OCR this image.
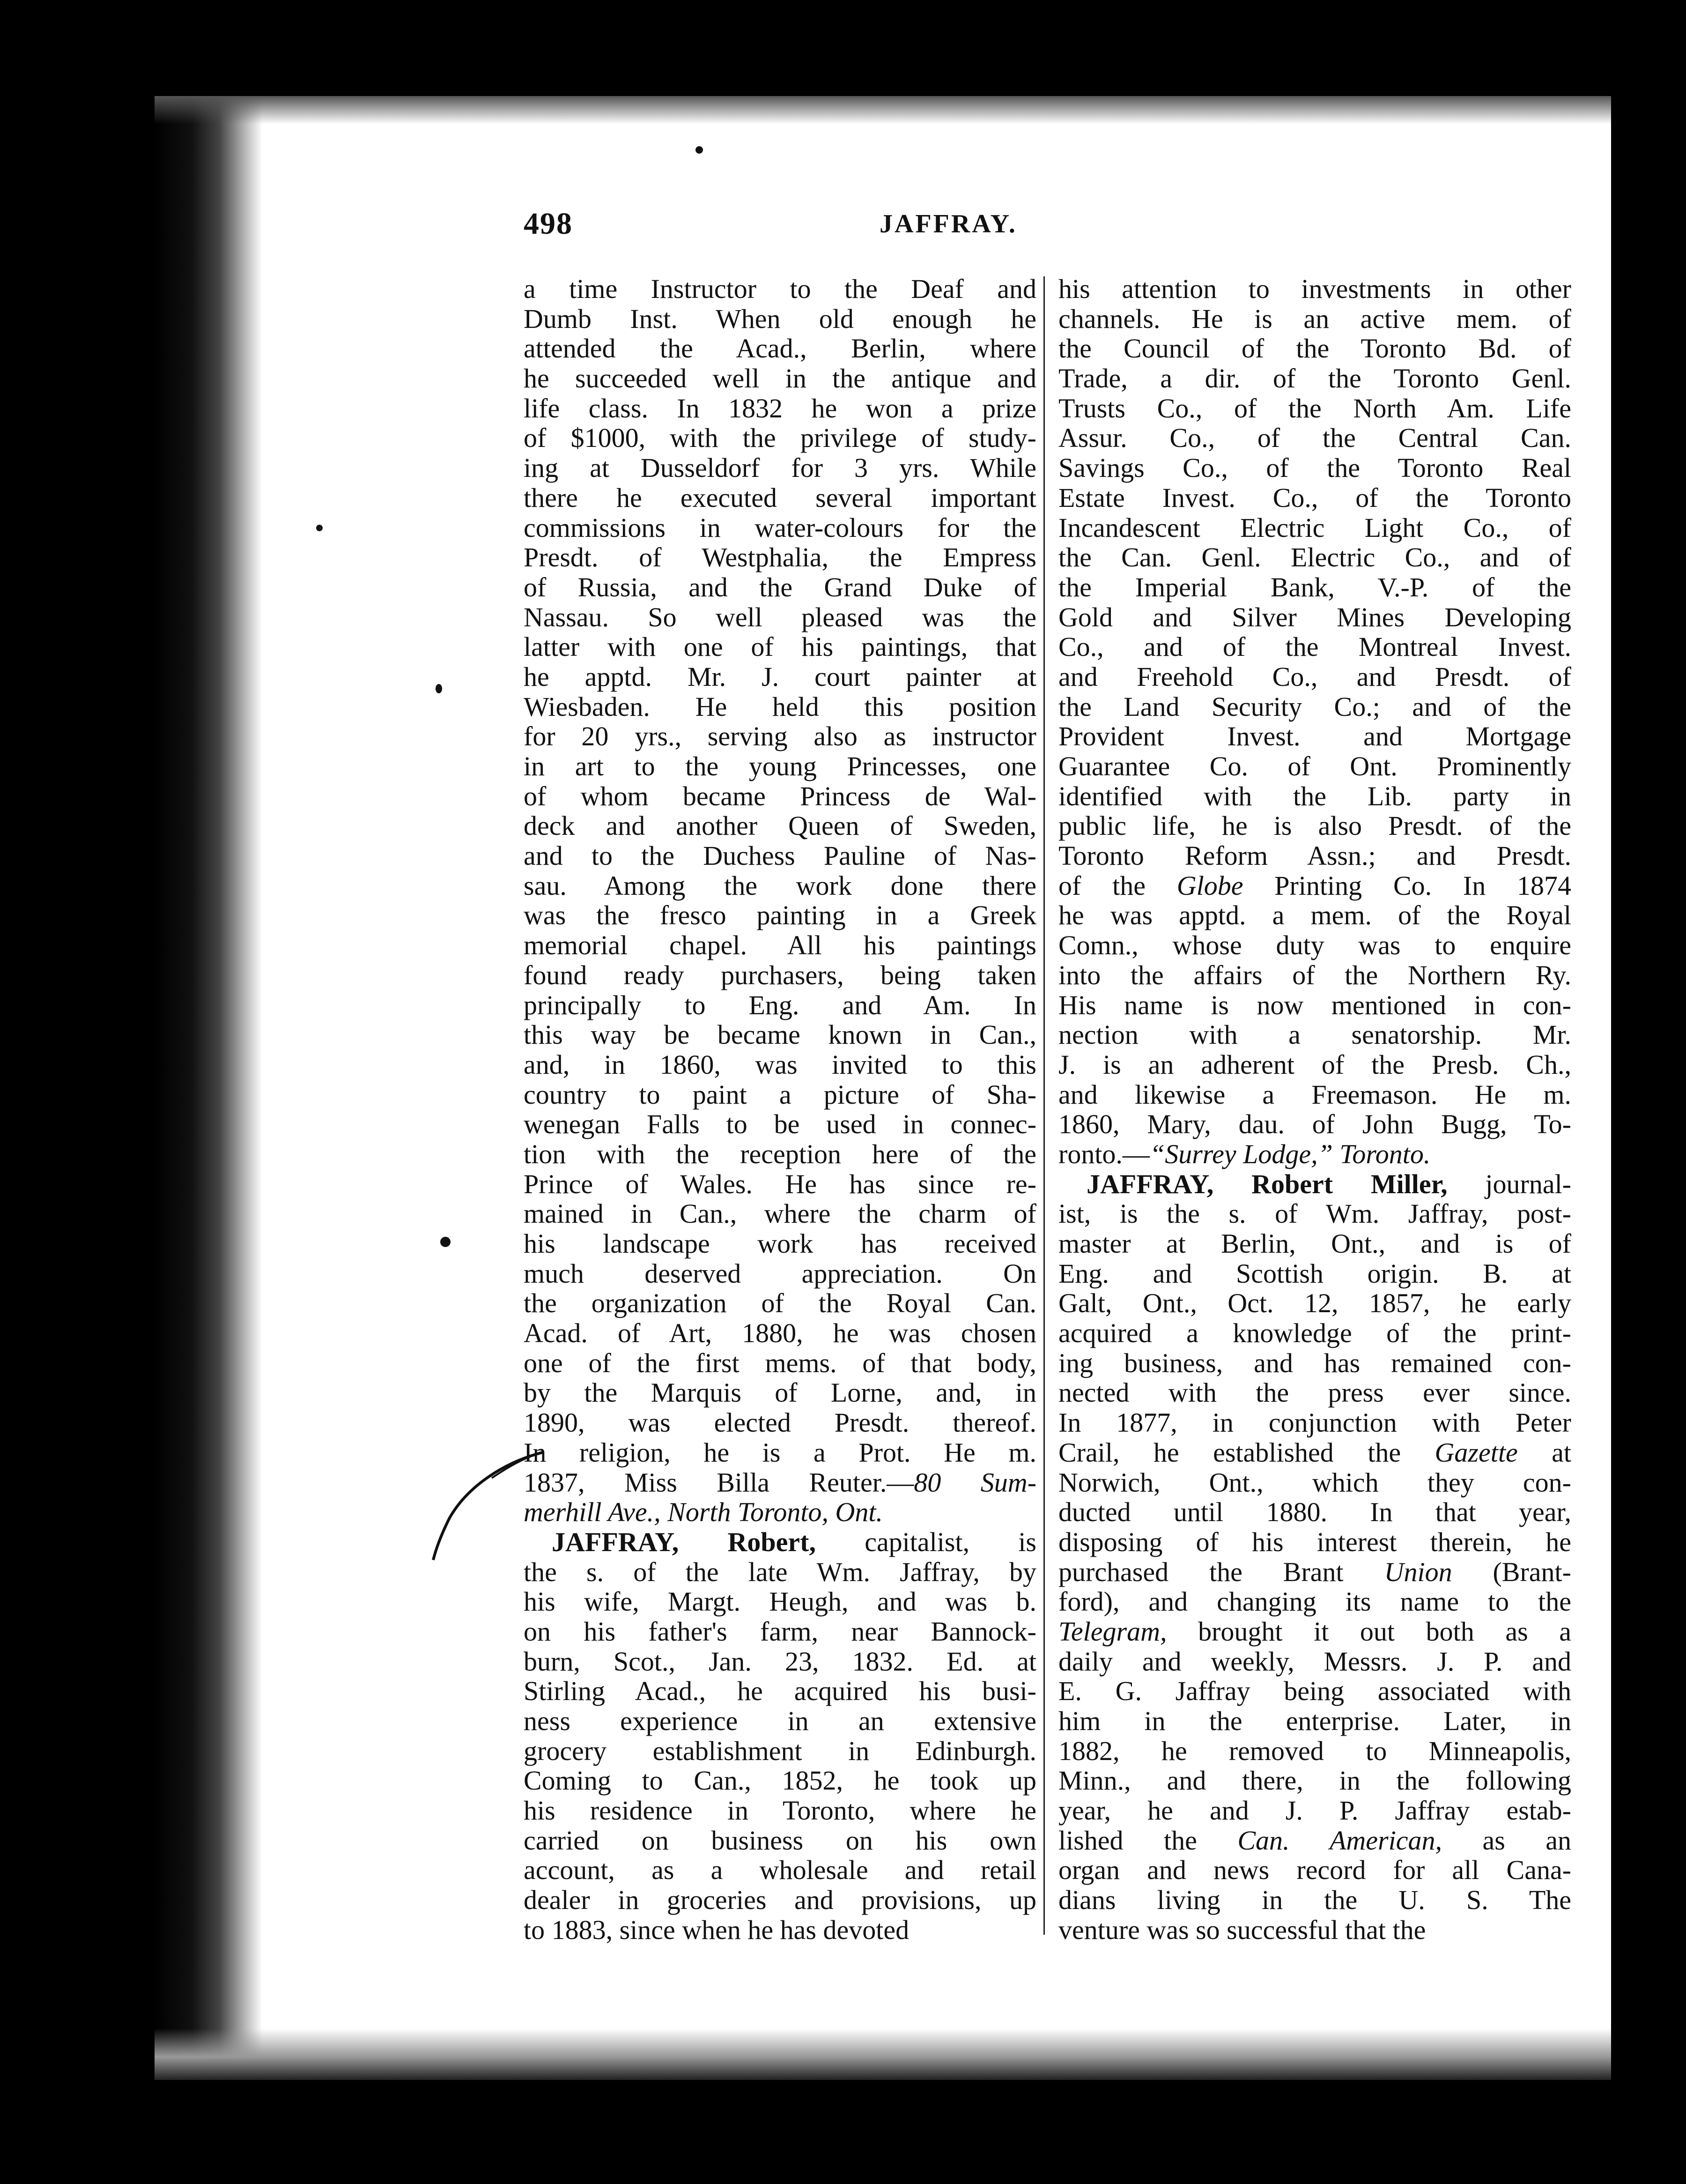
498	JAFFRAY.
a time Instructor to the Deaf and
Dumb Inst. When old enough he
attended the Acad., Berlin, where
he succeeded well in the antique and
life class. In 1832 he won a prize
of $1000, with the privilege of study-
ing at Dusseldorf for 3 yrs. While
there he executed several important
commissions in water-colours for the
Presdt. of Westphalia, the Empress
of Russia, and the Grand Duke of
Nassau. So well pleased was the
latter with one of his paintings, that
he apptd. Mr. J. court painter at
Wiesbaden. He held this position
for 20 yrs., serving also as instructor
in art to the young Princesses, one
of whom became Princess de Wal-
deck and another Queen of Sweden,
and to the Duchess Pauline of Nas-
sau. Among the work done there
was the fresco painting in a Greek
memorial chapel. All his paintings
found ready purchasers, being taken
principally to Eng. and Am. In
this way be became known in Can.,
and, in 1860, was invited to this
country to paint a picture of Sha-
wenegan Falls to be used in connec-
tion with the reception here of the
Prince of Wales. He has since re-
mained in Can., where the charm of
his landscape work has received
much deserved appreciation. On
the organization of the Royal Can.
Acad. of Art, 1880, he was chosen
one of the first mems. of that body,
by the Marquis of Lorne, and, in
1890, was elected Presdt. thereof.
In religion, he is a Prot. He m.
1837, Miss Billa Reuter.—80 Sum-
merhill Ave., North Toronto, Ont.
JAFFRAY, Robert, capitalist, is
the s. of the late Wm. Jaffray, by
his wife, Margt. Heugh, and was b.
on his father's farm, near Bannock-
burn, Scot., Jan. 23, 1832. Ed. at
Stirling Acad., he acquired his busi-
ness experience in an extensive
grocery establishment in Edinburgh.
Coming to Can., 1852, he took up
his residence in Toronto, where he
carried on business on his own
account, as a wholesale and retail
dealer in groceries and provisions, up
to 1883, since when he has devoted
his attention to investments in other
channels. He is an active mem. of
the Council of the Toronto Bd. of
Trade, a dir. of the Toronto Genl.
Trusts Co., of the North Am. Life
Assur. Co., of the Central Can.
Savings Co., of the Toronto Real
Estate Invest. Co., of the Toronto
Incandescent Electric Light Co., of
the Can. Genl. Electric Co., and of
the Imperial Bank, V.-P. of the
Gold and Silver Mines Developing
Co., and of the Montreal Invest.
and Freehold Co., and Presdt. of
the Land Security Co.; and of the
Provident Invest. and Mortgage
Guarantee Co. of Ont. Prominently
identified with the Lib. party in
public life, he is also Presdt. of the
Toronto Reform Assn.; and Presdt.
of the Globe Printing Co. In 1874
he was apptd. a mem. of the Royal
Comn., whose duty was to enquire
into the affairs of the Northern Ry.
His name is now mentioned in con-
nection with a senatorship. Mr.
J. is an adherent of the Presb. Ch.,
and likewise a Freemason. He m.
1860, Mary, dau. of John Bugg, To-
ronto.—“Surrey Lodge,” Toronto.
JAFFRAY, Robert Miller, journal-
ist, is the s. of Wm. Jaffray, post-
master at Berlin, Ont., and is of
Eng. and Scottish origin. B. at
Galt, Ont., Oct. 12, 1857, he early
acquired a knowledge of the print-
ing business, and has remained con-
nected with the press ever since.
In 1877, in conjunction with Peter
Crail, he established the Gazette at
Norwich, Ont., which they con-
ducted until 1880. In that year,
disposing of his interest therein, he
purchased the Brant Union (Brant-
ford), and changing its name to the
Telegram, brought it out both as a
daily and weekly, Messrs. J. P. and
E. G. Jaffray being associated with
him in the enterprise. Later, in
1882, he removed to Minneapolis,
Minn., and there, in the following
year, he and J. P. Jaffray estab-
lished the Can. American, as an
organ and news record for all Cana-
dians living in the U. S. The
venture was so successful that the
